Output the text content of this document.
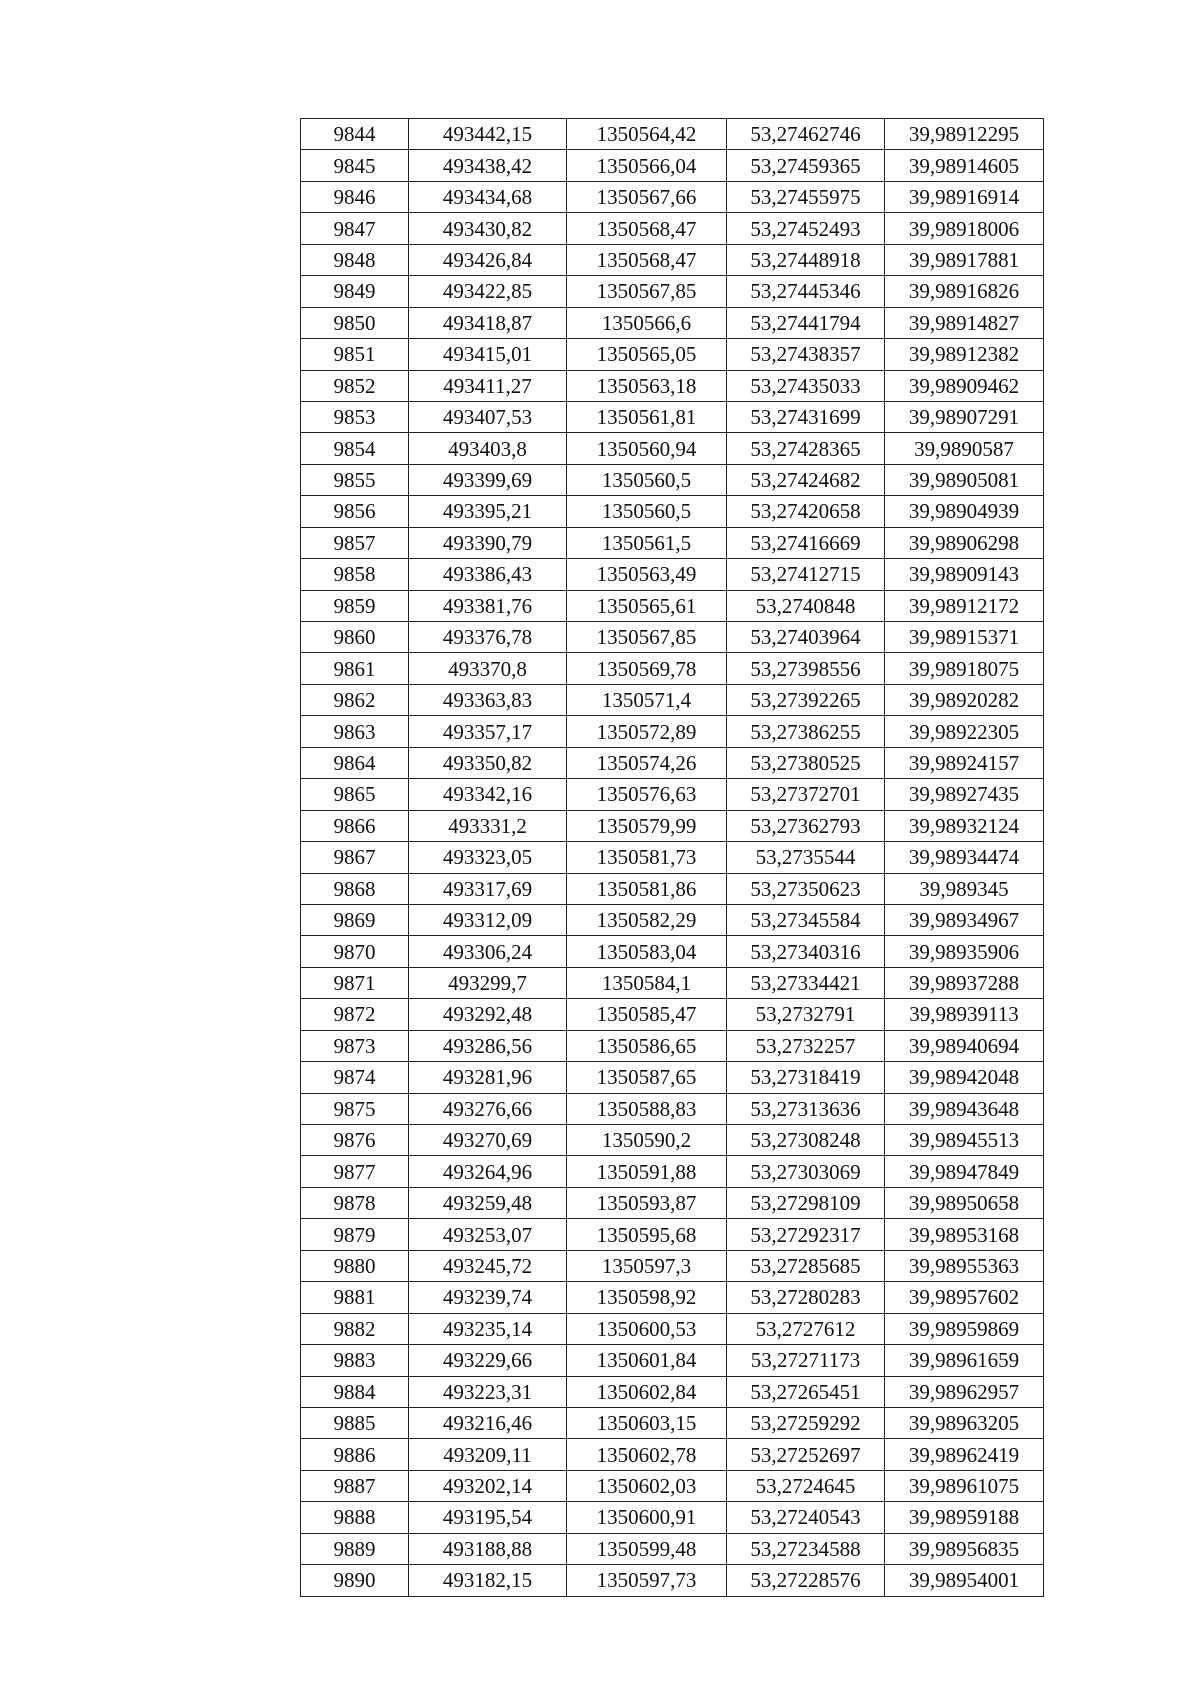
9844	493442,15	1350564,42	53,27462746	39,98912295
9845	493438,42	1350566,04	53,27459365	39,98914605
9846	493434,68	1350567,66	53,27455975	39,98916914
9847	493430,82	1350568,47	53,27452493	39,98918006
9848	493426,84	1350568,47	53,27448918	39,98917881
9849	493422,85	1350567,85	53,27445346	39,98916826
9850	493418,87	1350566,6	53,27441794	39,98914827
9851	493415,01	1350565,05	53,27438357	39,98912382
9852	493411,27	1350563,18	53,27435033	39,98909462
9853	493407,53	1350561,81	53,27431699	39,98907291
9854	493403,8	1350560,94	53,27428365	39,9890587
9855	493399,69	1350560,5	53,27424682	39,98905081
9856	493395,21	1350560,5	53,27420658	39,98904939
9857	493390,79	1350561,5	53,27416669	39,98906298
9858	493386,43	1350563,49	53,27412715	39,98909143
9859	493381,76	1350565,61	53,2740848	39,98912172
9860	493376,78	1350567,85	53,27403964	39,98915371
9861	493370,8	1350569,78	53,27398556	39,98918075
9862	493363,83	1350571,4	53,27392265	39,98920282
9863	493357,17	1350572,89	53,27386255	39,98922305
9864	493350,82	1350574,26	53,27380525	39,98924157
9865	493342,16	1350576,63	53,27372701	39,98927435
9866	493331,2	1350579,99	53,27362793	39,98932124
9867	493323,05	1350581,73	53,2735544	39,98934474
9868	493317,69	1350581,86	53,27350623	39,989345
9869	493312,09	1350582,29	53,27345584	39,98934967
9870	493306,24	1350583,04	53,27340316	39,98935906
9871	493299,7	1350584,1	53,27334421	39,98937288
9872	493292,48	1350585,47	53,2732791	39,98939113
9873	493286,56	1350586,65	53,2732257	39,98940694
9874	493281,96	1350587,65	53,27318419	39,98942048
9875	493276,66	1350588,83	53,27313636	39,98943648
9876	493270,69	1350590,2	53,27308248	39,98945513
9877	493264,96	1350591,88	53,27303069	39,98947849
9878	493259,48	1350593,87	53,27298109	39,98950658
9879	493253,07	1350595,68	53,27292317	39,98953168
9880	493245,72	1350597,3	53,27285685	39,98955363
9881	493239,74	1350598,92	53,27280283	39,98957602
9882	493235,14	1350600,53	53,2727612	39,98959869
9883	493229,66	1350601,84	53,27271173	39,98961659
9884	493223,31	1350602,84	53,27265451	39,98962957
9885	493216,46	1350603,15	53,27259292	39,98963205
9886	493209,11	1350602,78	53,27252697	39,98962419
9887	493202,14	1350602,03	53,2724645	39,98961075
9888	493195,54	1350600,91	53,27240543	39,98959188
9889	493188,88	1350599,48	53,27234588	39,98956835
9890	493182,15	1350597,73	53,27228576	39,98954001
